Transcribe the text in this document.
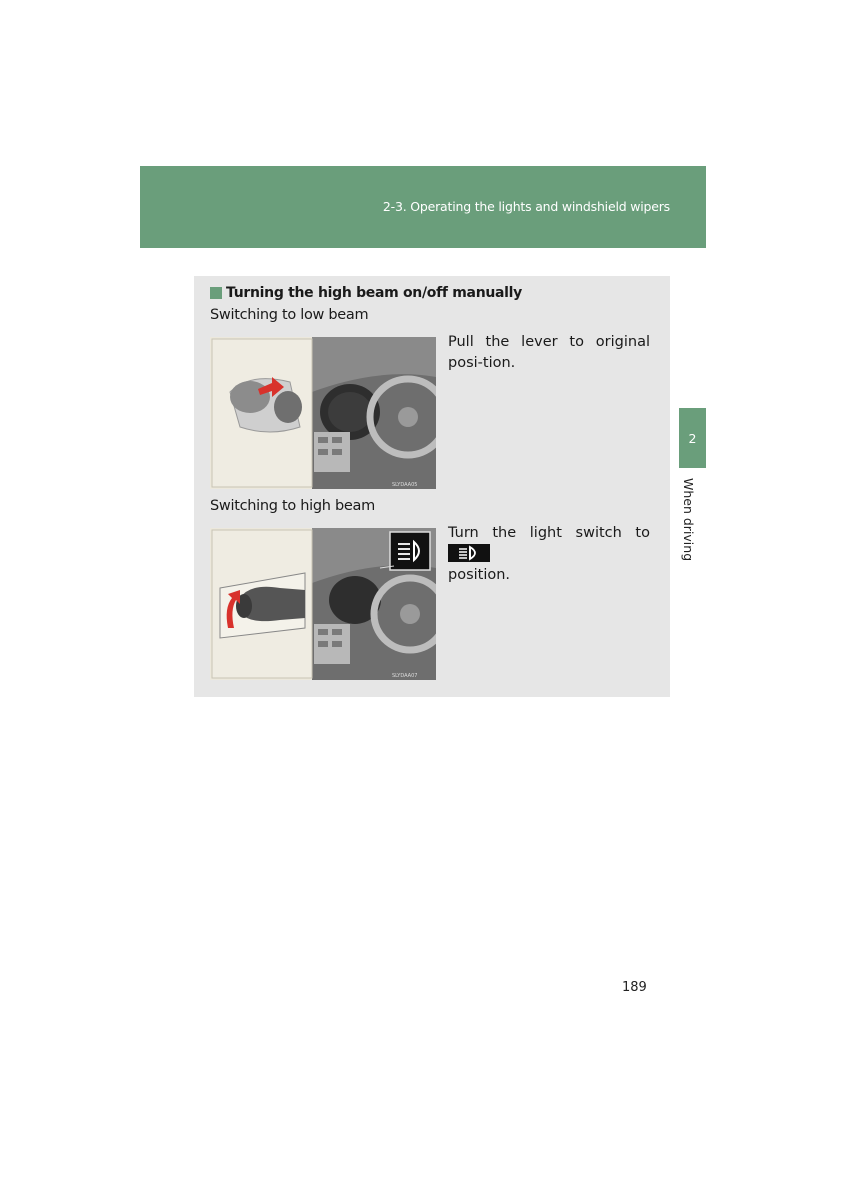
2-3. Operating the lights and windshield wipers
2
When driving
Turning the high beam on/off manually
Switching to low beam
SLYDAA05
Pull the lever to original posi-tion.
Switching to high beam
SLYDAA07
Turn the light switch to
position.
189
